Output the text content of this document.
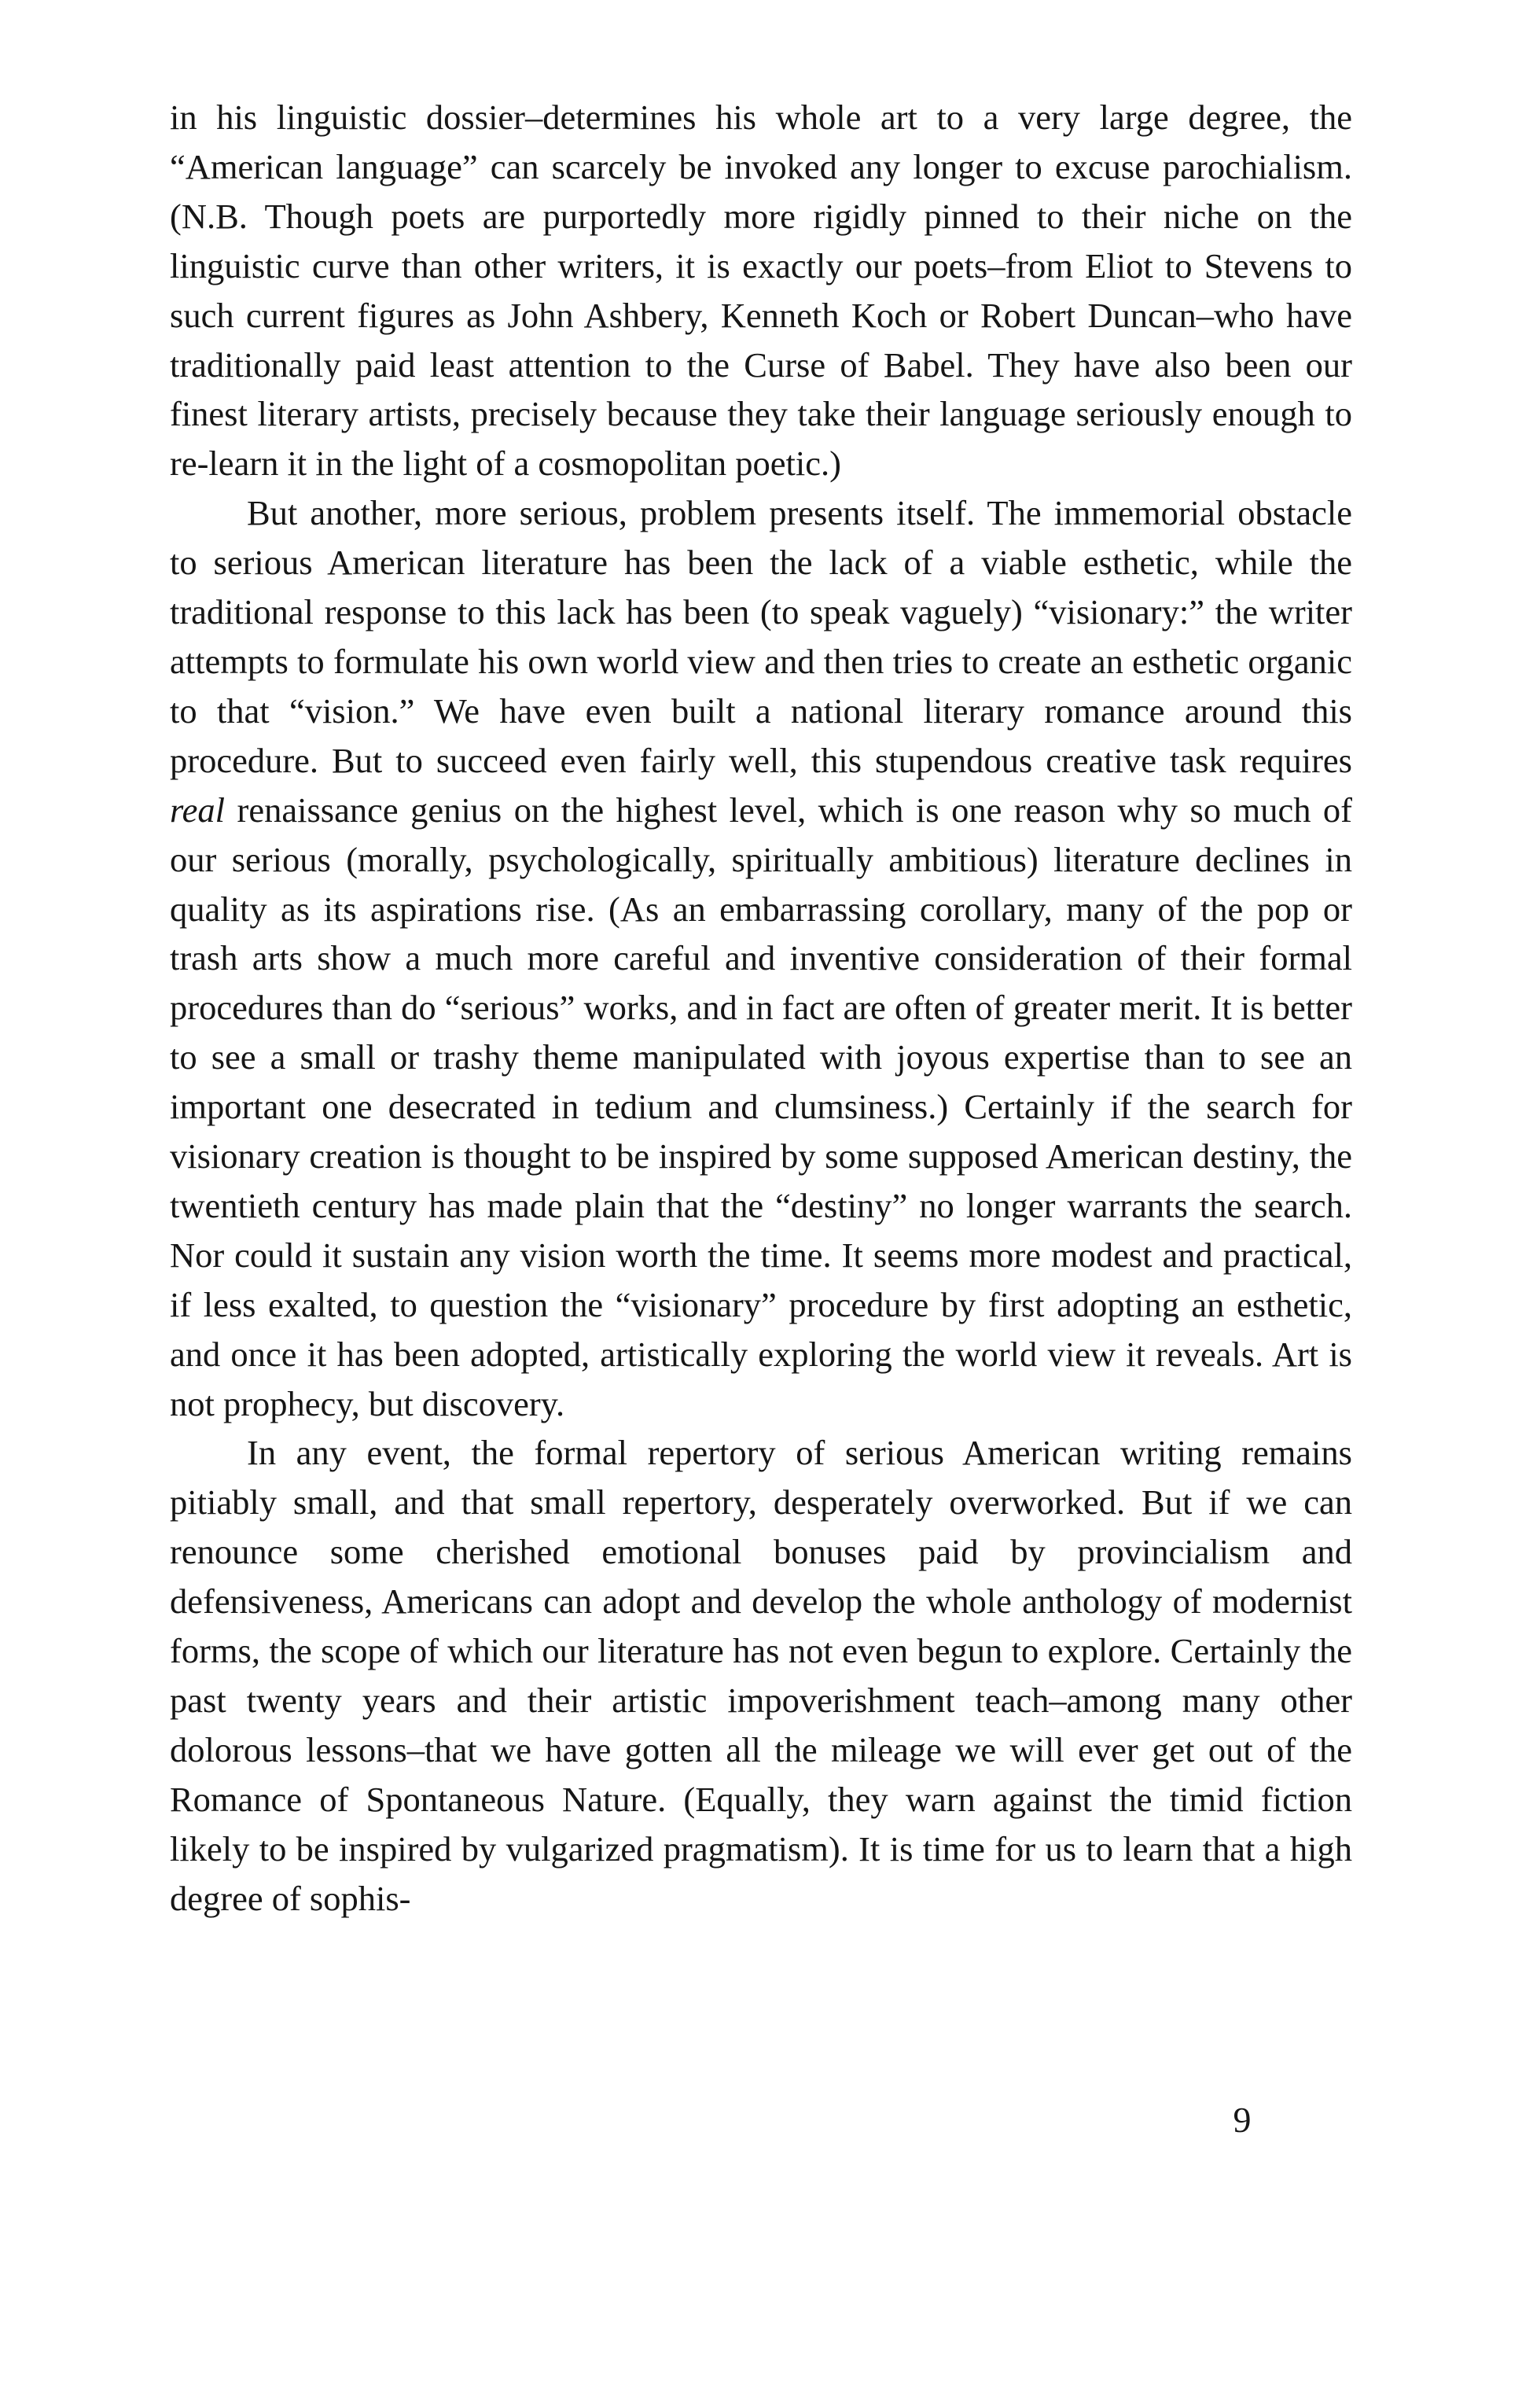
in his linguistic dossier–determines his whole art to a very large degree, the “American language” can scarcely be invoked any longer to excuse parochialism. (N.B. Though poets are purportedly more rigidly pinned to their niche on the linguistic curve than other writers, it is exactly our poets–from Eliot to Stevens to such current figures as John Ashbery, Kenneth Koch or Robert Duncan–who have traditionally paid least attention to the Curse of Babel. They have also been our finest literary artists, precisely because they take their language seriously enough to re-learn it in the light of a cosmopolitan poetic.)

But another, more serious, problem presents itself. The immemorial obstacle to serious American literature has been the lack of a viable esthetic, while the traditional response to this lack has been (to speak vaguely) “visionary:” the writer attempts to formulate his own world view and then tries to create an esthetic organic to that “vision.” We have even built a national literary romance around this procedure. But to succeed even fairly well, this stupendous creative task requires real renaissance genius on the highest level, which is one reason why so much of our serious (morally, psychologically, spiritually ambitious) literature declines in quality as its aspirations rise. (As an embarrassing corollary, many of the pop or trash arts show a much more careful and inventive consideration of their formal procedures than do “serious” works, and in fact are often of greater merit. It is better to see a small or trashy theme manipulated with joyous expertise than to see an important one desecrated in tedium and clumsiness.) Certainly if the search for visionary creation is thought to be inspired by some supposed American destiny, the twentieth century has made plain that the “destiny” no longer warrants the search. Nor could it sustain any vision worth the time. It seems more modest and practical, if less exalted, to question the “visionary” procedure by first adopting an esthetic, and once it has been adopted, artistically exploring the world view it reveals. Art is not prophecy, but discovery.

In any event, the formal repertory of serious American writing remains pitiably small, and that small repertory, desperately overworked. But if we can renounce some cherished emotional bonuses paid by provincialism and defensiveness, Americans can adopt and develop the whole anthology of modernist forms, the scope of which our literature has not even begun to explore. Certainly the past twenty years and their artistic impoverishment teach–among many other dolorous lessons–that we have gotten all the mileage we will ever get out of the Romance of Spontaneous Nature. (Equally, they warn against the timid fiction likely to be inspired by vulgarized pragmatism). It is time for us to learn that a high degree of sophis-

9
